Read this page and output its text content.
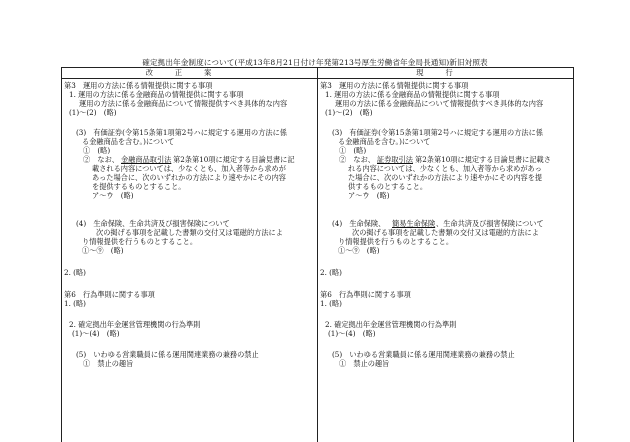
確定拠出年金制度について(平成13年8月21日付け年発第213号厚生労働省年金局長通知)新旧対照表
改正案	現行
第3　運用の方法に係る情報提供に関する事項
1. 運用の方法に係る金融商品の情報提供に関する事項
運用の方法に係る金融商品について情報提供すべき具体的な内容
(1)〜(2)　(略)
(3)　有価証券(令第15条第1項第2号ハに規定する運用の方法に係
る金融商品を含む。)について
①　(略)
②　なお、 金融商品取引法 第2条第10項に規定する目論見書に記
載される内容については、少なくとも、加入者等から求めが
あった場合に、次のいずれかの方法により速やかにその内容
を提供するものとすること。
ア〜ウ　(略)
(4)　生命保険、生命共済及び損害保険について
次の掲げる事項を記載した書類の交付又は電磁的方法によ
り情報提供を行うものとすること。
①〜⑨　(略)
2. (略)
第6　行為準則に関する事項
1. (略)
2. 確定拠出年金運営管理機関の行為準則
(1)〜(4)　(略)
(5)　いわゆる営業職員に係る運用関連業務の兼務の禁止
①　禁止の趣旨
第3　運用の方法に係る情報提供に関する事項
1. 運用の方法に係る金融商品の情報提供に関する事項
運用の方法に係る金融商品について情報提供すべき具体的な内容
(1)〜(2)　(略)
(3)　有価証券(令第15条第1項第2号ハに規定する運用の方法に係
る金融商品を含む。)について
①　(略)
②　なお、 証券取引法 第2条第10項に規定する目論見書に記載さ
れる内容については、少なくとも、加入者等から求めがあっ
た場合に、次のいずれかの方法により速やかにその内容を提
供するものとすること。
ア〜ウ　(略)
(4)　生命保険、 簡易生命保険 、生命共済及び損害保険について
次の掲げる事項を記載した書類の交付又は電磁的方法によ
り情報提供を行うものとすること。
①〜⑨　(略)
2. (略)
第6　行為準則に関する事項
1. (略)
2. 確定拠出年金運営管理機関の行為準則
(1)〜(4)　(略)
(5)　いわゆる営業職員に係る運用関連業務の兼務の禁止
①　禁止の趣旨
